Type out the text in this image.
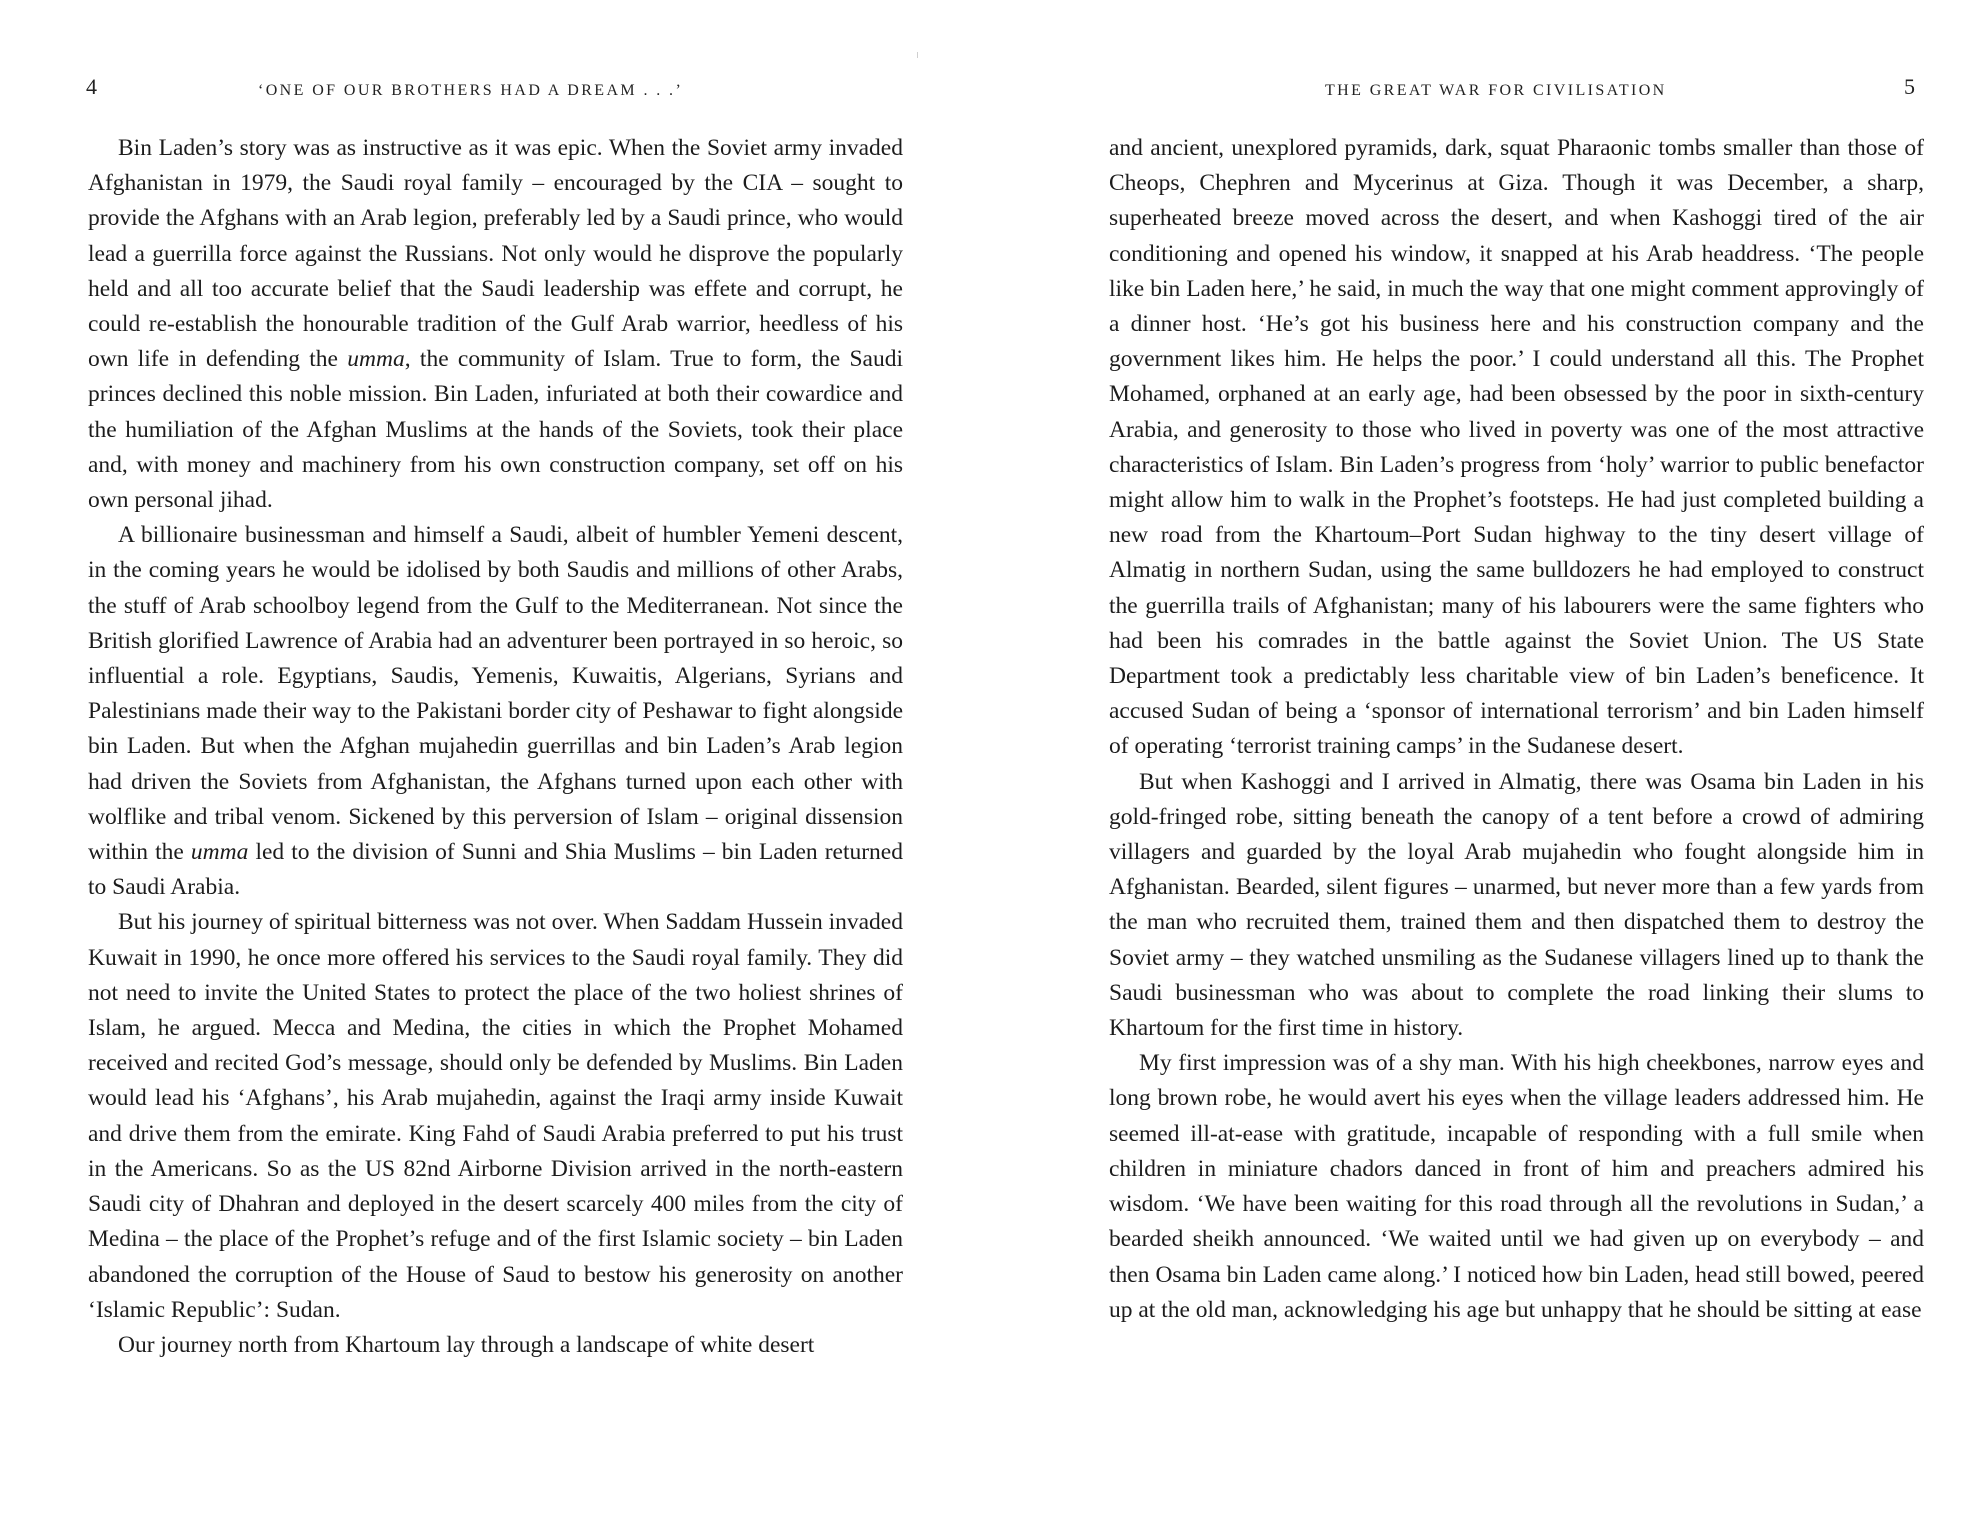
4	‘ONE OF OUR BROTHERS HAD A DREAM . . .’

Bin Laden’s story was as instructive as it was epic. When the Soviet army invaded Afghanistan in 1979, the Saudi royal family – encouraged by the CIA – sought to provide the Afghans with an Arab legion, preferably led by a Saudi prince, who would lead a guerrilla force against the Russians. Not only would he disprove the popularly held and all too accurate belief that the Saudi leadership was effete and corrupt, he could re-establish the honourable tradition of the Gulf Arab warrior, heedless of his own life in defending the umma, the community of Islam. True to form, the Saudi princes declined this noble mission. Bin Laden, infuriated at both their cowardice and the humiliation of the Afghan Muslims at the hands of the Soviets, took their place and, with money and machinery from his own construction company, set off on his own personal jihad.

A billionaire businessman and himself a Saudi, albeit of humbler Yemeni descent, in the coming years he would be idolised by both Saudis and millions of other Arabs, the stuff of Arab schoolboy legend from the Gulf to the Mediterranean. Not since the British glorified Lawrence of Arabia had an adventurer been portrayed in so heroic, so influential a role. Egyptians, Saudis, Yemenis, Kuwaitis, Algerians, Syrians and Palestinians made their way to the Pakistani border city of Peshawar to fight alongside bin Laden. But when the Afghan mujahedin guerrillas and bin Laden’s Arab legion had driven the Soviets from Afghanistan, the Afghans turned upon each other with wolflike and tribal venom. Sickened by this perversion of Islam – original dissension within the umma led to the division of Sunni and Shia Muslims – bin Laden returned to Saudi Arabia.

But his journey of spiritual bitterness was not over. When Saddam Hussein invaded Kuwait in 1990, he once more offered his services to the Saudi royal family. They did not need to invite the United States to protect the place of the two holiest shrines of Islam, he argued. Mecca and Medina, the cities in which the Prophet Mohamed received and recited God’s message, should only be defended by Muslims. Bin Laden would lead his ‘Afghans’, his Arab mujahedin, against the Iraqi army inside Kuwait and drive them from the emirate. King Fahd of Saudi Arabia preferred to put his trust in the Americans. So as the US 82nd Airborne Division arrived in the north-eastern Saudi city of Dhahran and deployed in the desert scarcely 400 miles from the city of Medina – the place of the Prophet’s refuge and of the first Islamic society – bin Laden abandoned the corruption of the House of Saud to bestow his generosity on another ‘Islamic Republic’: Sudan.

Our journey north from Khartoum lay through a landscape of white desert

THE GREAT WAR FOR CIVILISATION	5

and ancient, unexplored pyramids, dark, squat Pharaonic tombs smaller than those of Cheops, Chephren and Mycerinus at Giza. Though it was December, a sharp, superheated breeze moved across the desert, and when Kashoggi tired of the air conditioning and opened his window, it snapped at his Arab headdress. ‘The people like bin Laden here,’ he said, in much the way that one might comment approvingly of a dinner host. ‘He’s got his business here and his construction company and the government likes him. He helps the poor.’ I could understand all this. The Prophet Mohamed, orphaned at an early age, had been obsessed by the poor in sixth-century Arabia, and generosity to those who lived in poverty was one of the most attractive characteristics of Islam. Bin Laden’s progress from ‘holy’ warrior to public benefactor might allow him to walk in the Prophet’s footsteps. He had just completed building a new road from the Khartoum–Port Sudan highway to the tiny desert village of Almatig in northern Sudan, using the same bulldozers he had employed to construct the guerrilla trails of Afghanistan; many of his labourers were the same fighters who had been his comrades in the battle against the Soviet Union. The US State Department took a predictably less charitable view of bin Laden’s beneficence. It accused Sudan of being a ‘sponsor of international terrorism’ and bin Laden himself of operating ‘terrorist training camps’ in the Sudanese desert.

But when Kashoggi and I arrived in Almatig, there was Osama bin Laden in his gold-fringed robe, sitting beneath the canopy of a tent before a crowd of admiring villagers and guarded by the loyal Arab mujahedin who fought alongside him in Afghanistan. Bearded, silent figures – unarmed, but never more than a few yards from the man who recruited them, trained them and then dispatched them to destroy the Soviet army – they watched unsmiling as the Sudanese villagers lined up to thank the Saudi businessman who was about to complete the road linking their slums to Khartoum for the first time in history.

My first impression was of a shy man. With his high cheekbones, narrow eyes and long brown robe, he would avert his eyes when the village leaders addressed him. He seemed ill-at-ease with gratitude, incapable of responding with a full smile when children in miniature chadors danced in front of him and preachers admired his wisdom. ‘We have been waiting for this road through all the revolutions in Sudan,’ a bearded sheikh announced. ‘We waited until we had given up on everybody – and then Osama bin Laden came along.’ I noticed how bin Laden, head still bowed, peered up at the old man, acknowledging his age but unhappy that he should be sitting at ease
